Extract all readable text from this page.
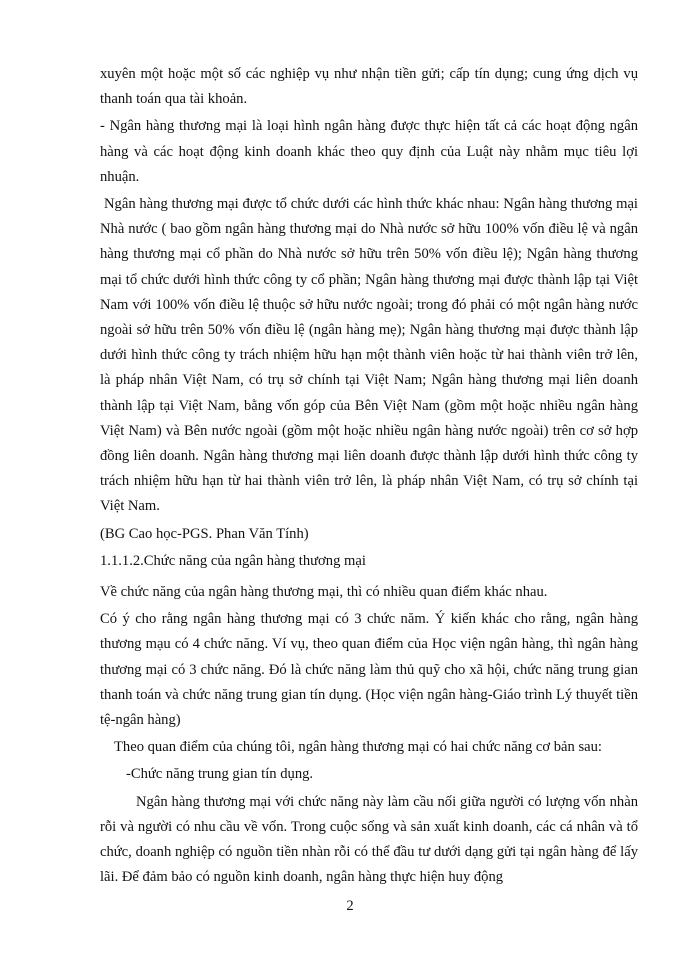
xuyên một hoặc một số các nghiệp vụ như nhận tiền gửi; cấp tín dụng; cung ứng dịch vụ thanh toán qua tài khoản.

- Ngân hàng thương mại là loại hình ngân hàng được thực hiện tất cả các hoạt động ngân hàng và các hoạt động kinh doanh khác theo quy định của Luật này nhằm mục tiêu lợi nhuận.

Ngân hàng thương mại được tổ chức dưới các hình thức khác nhau: Ngân hàng thương mại Nhà nước ( bao gồm ngân hàng thương mại do Nhà nước sở hữu 100% vốn điều lệ và ngân hàng thương mại cổ phần do Nhà nước sở hữu trên 50% vốn điều lệ); Ngân hàng thương mại tổ chức dưới hình thức công ty cổ phần; Ngân hàng thương mại được thành lập tại Việt Nam với 100% vốn điều lệ thuộc sở hữu nước ngoài; trong đó phải có một ngân hàng nước ngoài sở hữu trên 50% vốn điều lệ (ngân hàng mẹ); Ngân hàng thương mại được thành lập dưới hình thức công ty trách nhiệm hữu hạn một thành viên hoặc từ hai thành viên trở lên, là pháp nhân Việt Nam, có trụ sở chính tại Việt Nam; Ngân hàng thương mại liên doanh thành lập tại Việt Nam, bằng vốn góp của Bên Việt Nam (gồm một hoặc nhiều ngân hàng Việt Nam) và Bên nước ngoài (gồm một hoặc nhiều ngân hàng nước ngoài) trên cơ sở hợp đồng liên doanh. Ngân hàng thương mại liên doanh được thành lập dưới hình thức công ty trách nhiệm hữu hạn từ hai thành viên trở lên, là pháp nhân Việt Nam, có trụ sở chính tại Việt Nam.

(BG Cao học-PGS. Phan Văn Tính)

1.1.1.2.Chức năng của ngân hàng thương mại

Về chức năng của ngân hàng thương mại, thì có nhiều quan điểm khác nhau.

Có ý cho rằng ngân hàng thương mại có 3 chức năm. Ý kiến khác cho rằng, ngân hàng thương mạu có 4 chức năng. Ví vụ, theo quan điểm của Học viện ngân hàng, thì ngân hàng thương mại có 3 chức năng. Đó là chức năng làm thủ quỹ cho xã hội, chức năng trung gian thanh toán và chức năng trung gian tín dụng. (Học viện ngân hàng-Giáo trình Lý thuyết tiền tệ-ngân hàng)

Theo quan điểm của chúng tôi, ngân hàng thương mại có hai chức năng cơ bản sau:

-Chức năng trung gian tín dụng.

Ngân hàng thương mại với chức năng này làm cầu nối giữa người có lượng vốn nhàn rỗi và người có nhu cầu về vốn. Trong cuộc sống và sản xuất kinh doanh, các cá nhân và tổ chức, doanh nghiệp có nguồn tiền nhàn rỗi có thể đầu tư dưới dạng gửi tại ngân hàng để lấy lãi. Để đảm bảo có nguồn kinh doanh, ngân hàng thực hiện huy động

2
